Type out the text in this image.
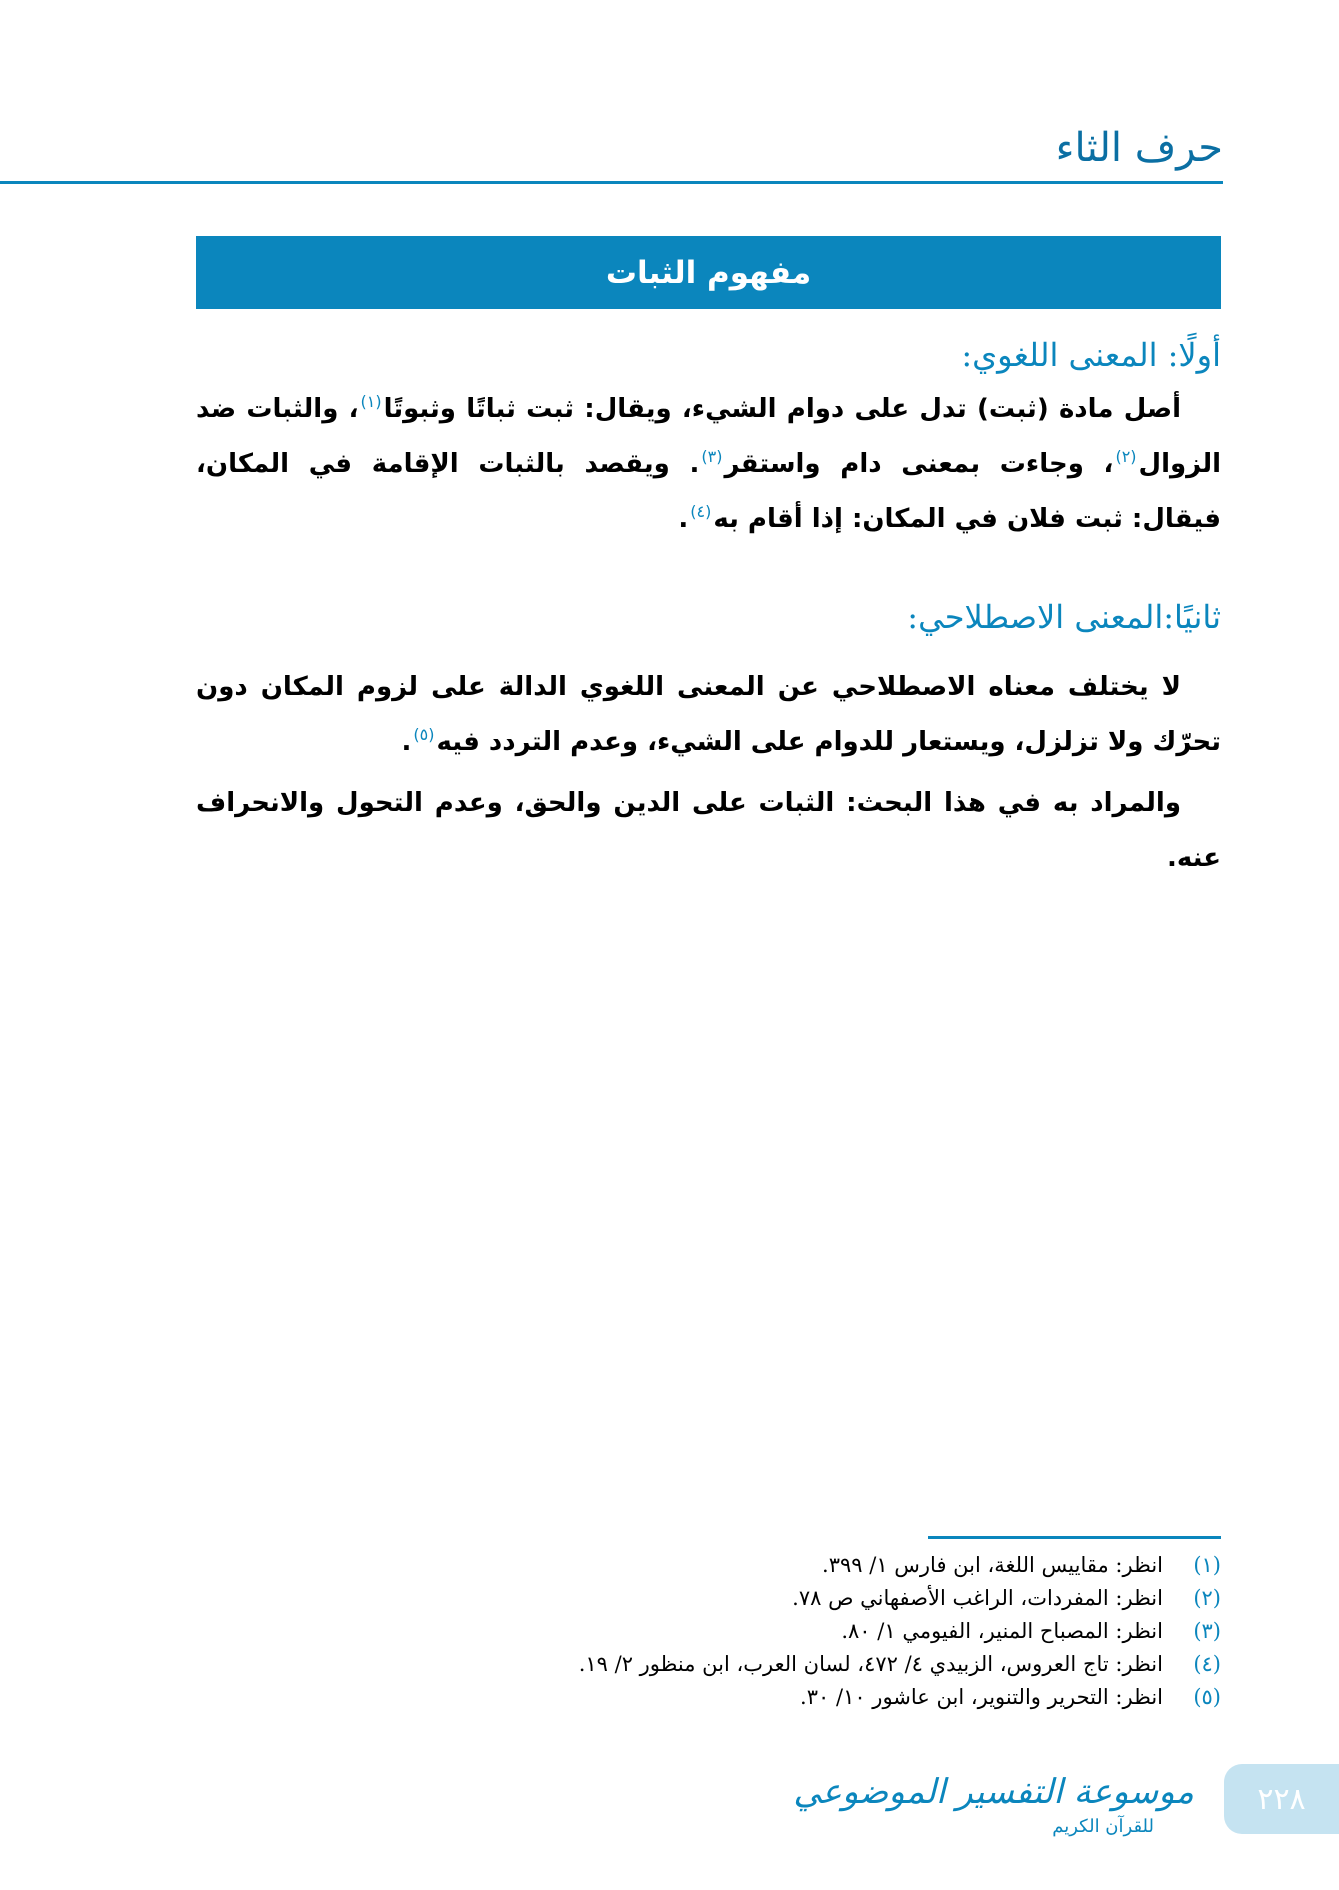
حرف الثاء
مفهوم الثبات
أولًا: المعنى اللغوي:

أصل مادة (ثبت) تدل على دوام الشيء، ويقال: ثبت ثباتًا وثبوتًا$^{(١)}$، والثبات ضد الزوال$^{(٢)}$، وجاءت بمعنى دام واستقر$^{(٣)}$. ويقصد بالثبات الإقامة في المكان، فيقال: ثبت فلان في المكان: إذا أقام به$^{(٤)}$.

ثانيًا:المعنى الاصطلاحي:

لا يختلف معناه الاصطلاحي عن المعنى اللغوي الدالة على لزوم المكان دون تحرّك ولا تزلزل، ويستعار للدوام على الشيء، وعدم التردد فيه$^{(٥)}$.

والمراد به في هذا البحث: الثبات على الدين والحق، وعدم التحول والانحراف عنه.

(١)
انظر: مقاييس اللغة، ابن فارس ١/ ٣٩٩.
(٢)
انظر: المفردات، الراغب الأصفهاني ص ٧٨.
(٣)
انظر: المصباح المنير، الفيومي ١/ ٨٠.
(٤)
انظر: تاج العروس، الزبيدي ٤/ ٤٧٢، لسان العرب، ابن منظور ٢/ ١٩.
(٥)
انظر: التحرير والتنوير، ابن عاشور ١٠/ ٣٠.
موسوعة التفسير الموضوعي
للقرآن الكريم
٢٢٨
